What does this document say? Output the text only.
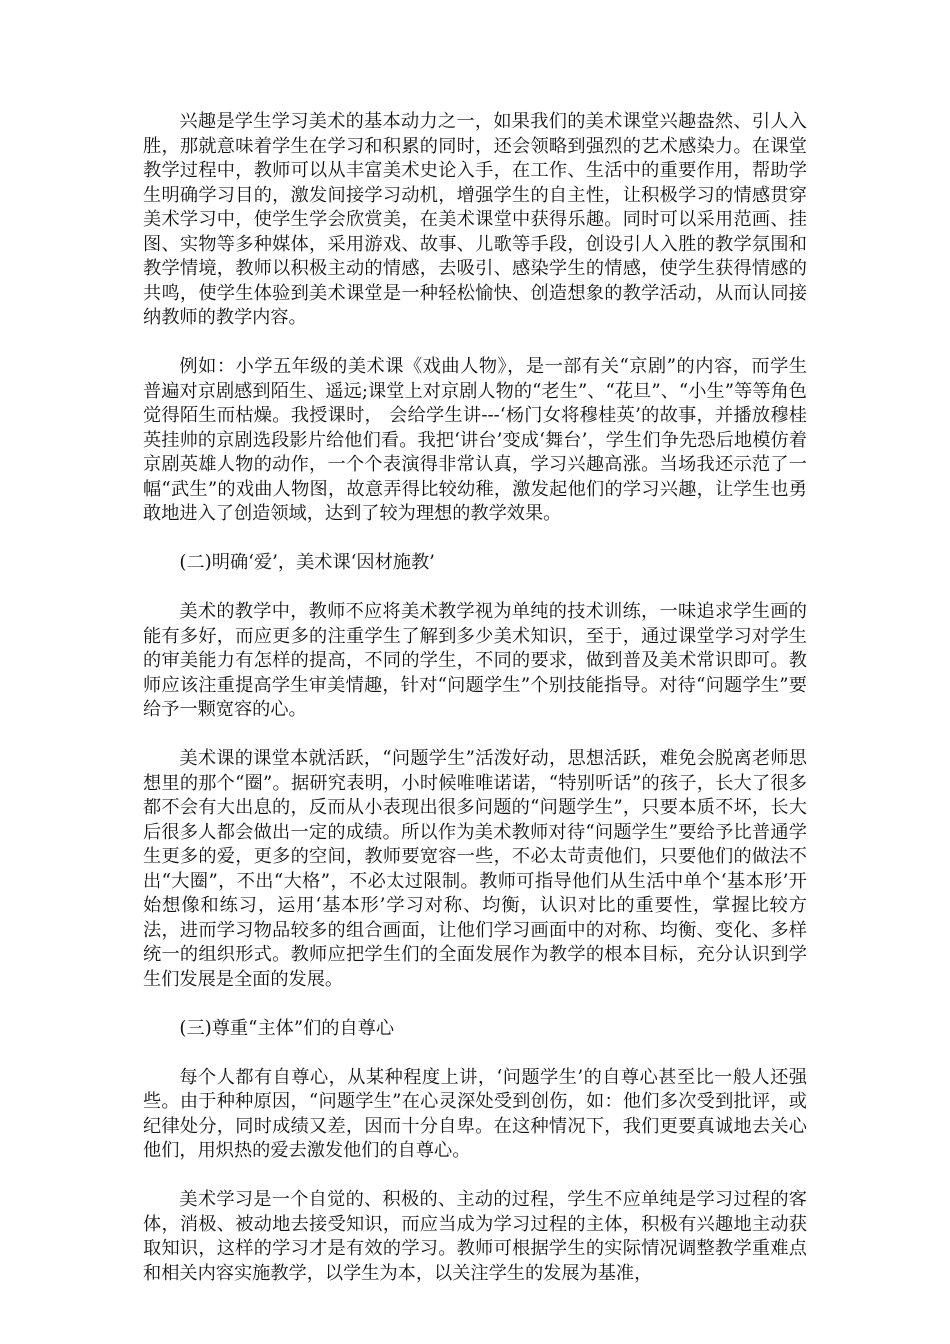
兴趣是学生学习美术的基本动力之一，如果我们的美术课堂兴趣盎然、引人入胜，那就意味着学生在学习和积累的同时，还会领略到强烈的艺术感染力。在课堂教学过程中，教师可以从丰富美术史论入手，在工作、生活中的重要作用，帮助学生明确学习目的，激发间接学习动机，增强学生的自主性，让积极学习的情感贯穿美术学习中，使学生学会欣赏美，在美术课堂中获得乐趣。同时可以采用范画、挂图、实物等多种媒体，采用游戏、故事、儿歌等手段，创设引人入胜的教学氛围和教学情境，教师以积极主动的情感，去吸引、感染学生的情感，使学生获得情感的共鸣，使学生体验到美术课堂是一种轻松愉快、创造想象的教学活动，从而认同接纳教师的教学内容。

例如：小学五年级的美术课《戏曲人物》，是一部有关“京剧”的内容，而学生普遍对京剧感到陌生、遥远;课堂上对京剧人物的“老生”、“花旦”、“小生”等等角色觉得陌生而枯燥。我授课时， 会给学生讲---‘杨门女将穆桂英’的故事，并播放穆桂英挂帅的京剧选段影片给他们看。我把‘讲台’变成‘舞台’，学生们争先恐后地模仿着京剧英雄人物的动作，一个个表演得非常认真，学习兴趣高涨。当场我还示范了一幅“武生”的戏曲人物图，故意弄得比较幼稚，激发起他们的学习兴趣，让学生也勇敢地进入了创造领域，达到了较为理想的教学效果。

(二)明确‘爱’，美术课‘因材施教’

美术的教学中，教师不应将美术教学视为单纯的技术训练，一味追求学生画的能有多好，而应更多的注重学生了解到多少美术知识，至于，通过课堂学习对学生的审美能力有怎样的提高，不同的学生，不同的要求，做到普及美术常识即可。教师应该注重提高学生审美情趣，针对“问题学生”个别技能指导。对待“问题学生”要给予一颗宽容的心。

美术课的课堂本就活跃，“问题学生”活泼好动，思想活跃，难免会脱离老师思想里的那个“圈”。据研究表明，小时候唯唯诺诺，“特别听话”的孩子，长大了很多都不会有大出息的，反而从小表现出很多问题的“问题学生”，只要本质不坏，长大后很多人都会做出一定的成绩。所以作为美术教师对待“问题学生”要给予比普通学生更多的爱，更多的空间，教师要宽容一些，不必太苛责他们，只要他们的做法不出“大圈”，不出“大格”，不必太过限制。教师可指导他们从生活中单个‘基本形’开始想像和练习，运用‘基本形’学习对称、均衡，认识对比的重要性，掌握比较方法，进而学习物品较多的组合画面，让他们学习画面中的对称、均衡、变化、多样统一的组织形式。教师应把学生们的全面发展作为教学的根本目标，充分认识到学生们发展是全面的发展。

(三)尊重“主体”们的自尊心

每个人都有自尊心，从某种程度上讲，‘问题学生’的自尊心甚至比一般人还强些。由于种种原因，“问题学生”在心灵深处受到创伤，如：他们多次受到批评，或纪律处分，同时成绩又差，因而十分自卑。在这种情况下，我们更要真诚地去关心他们，用炽热的爱去激发他们的自尊心。

美术学习是一个自觉的、积极的、主动的过程，学生不应单纯是学习过程的客体，消极、被动地去接受知识，而应当成为学习过程的主体，积极有兴趣地主动获取知识，这样的学习才是有效的学习。教师可根据学生的实际情况调整教学重难点和相关内容实施教学，以学生为本，以关注学生的发展为基准，
